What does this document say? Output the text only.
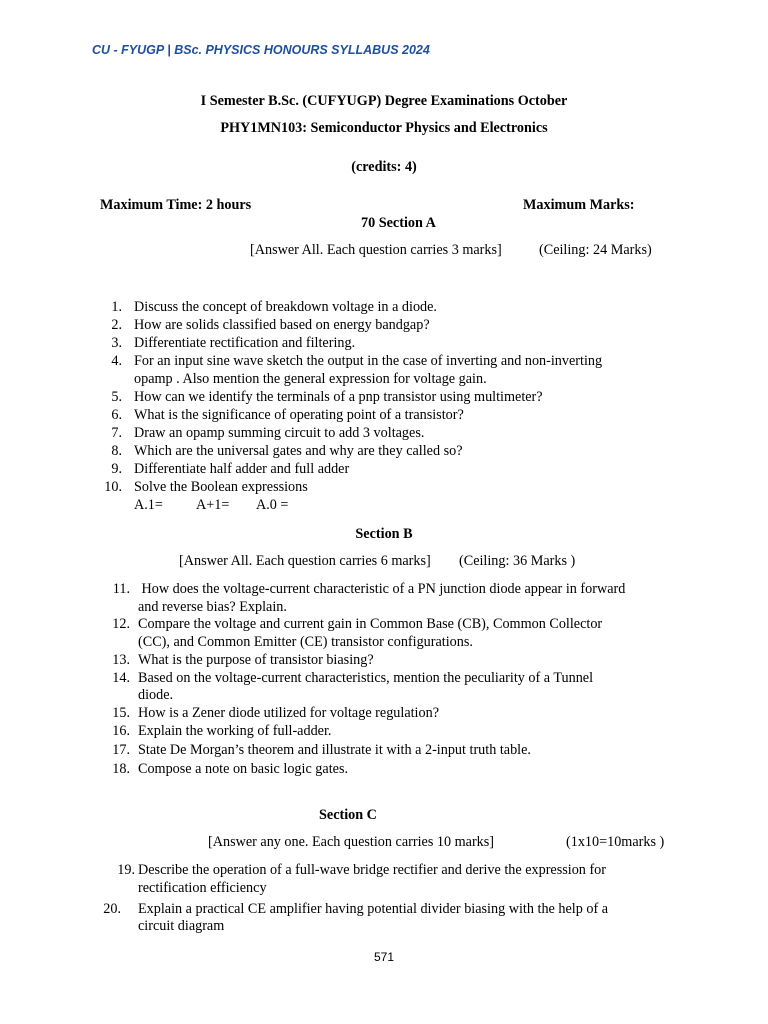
CU - FYUGP | BSc. PHYSICS HONOURS SYLLABUS 2024
I Semester B.Sc. (CUFYUGP) Degree Examinations October
PHY1MN103: Semiconductor Physics and Electronics
(credits: 4)
Maximum Time: 2 hours	Maximum Marks:
70 Section A
[Answer All. Each question carries 3 marks]	(Ceiling: 24 Marks)
1. Discuss the concept of breakdown voltage in a diode.
2. How are solids classified based on energy bandgap?
3. Differentiate rectification and filtering.
4. For an input sine wave sketch the output in the case of inverting and non-inverting
opamp . Also mention the general expression for voltage gain.
5. How can we identify the terminals of a pnp transistor using multimeter?
6. What is the significance of operating point of a transistor?
7. Draw an opamp summing circuit to add 3 voltages.
8. Which are the universal gates and why are they called so?
9. Differentiate half adder and full adder
10. Solve the Boolean expressions
A.1= A+1= A.0 =
Section B
[Answer All. Each question carries 6 marks] (Ceiling: 36 Marks )
11. How does the voltage-current characteristic of a PN junction diode appear in forward
and reverse bias? Explain.
12. Compare the voltage and current gain in Common Base (CB), Common Collector
(CC), and Common Emitter (CE) transistor configurations.
13. What is the purpose of transistor biasing?
14. Based on the voltage-current characteristics, mention the peculiarity of a Tunnel
diode.
15. How is a Zener diode utilized for voltage regulation?
16. Explain the working of full-adder.
17. State De Morgan’s theorem and illustrate it with a 2-input truth table.
18. Compose a note on basic logic gates.
Section C
[Answer any one. Each question carries 10 marks]	(1x10=10marks )
19. Describe the operation of a full-wave bridge rectifier and derive the expression for
rectification efficiency
20. Explain a practical CE amplifier having potential divider biasing with the help of a
circuit diagram
571
